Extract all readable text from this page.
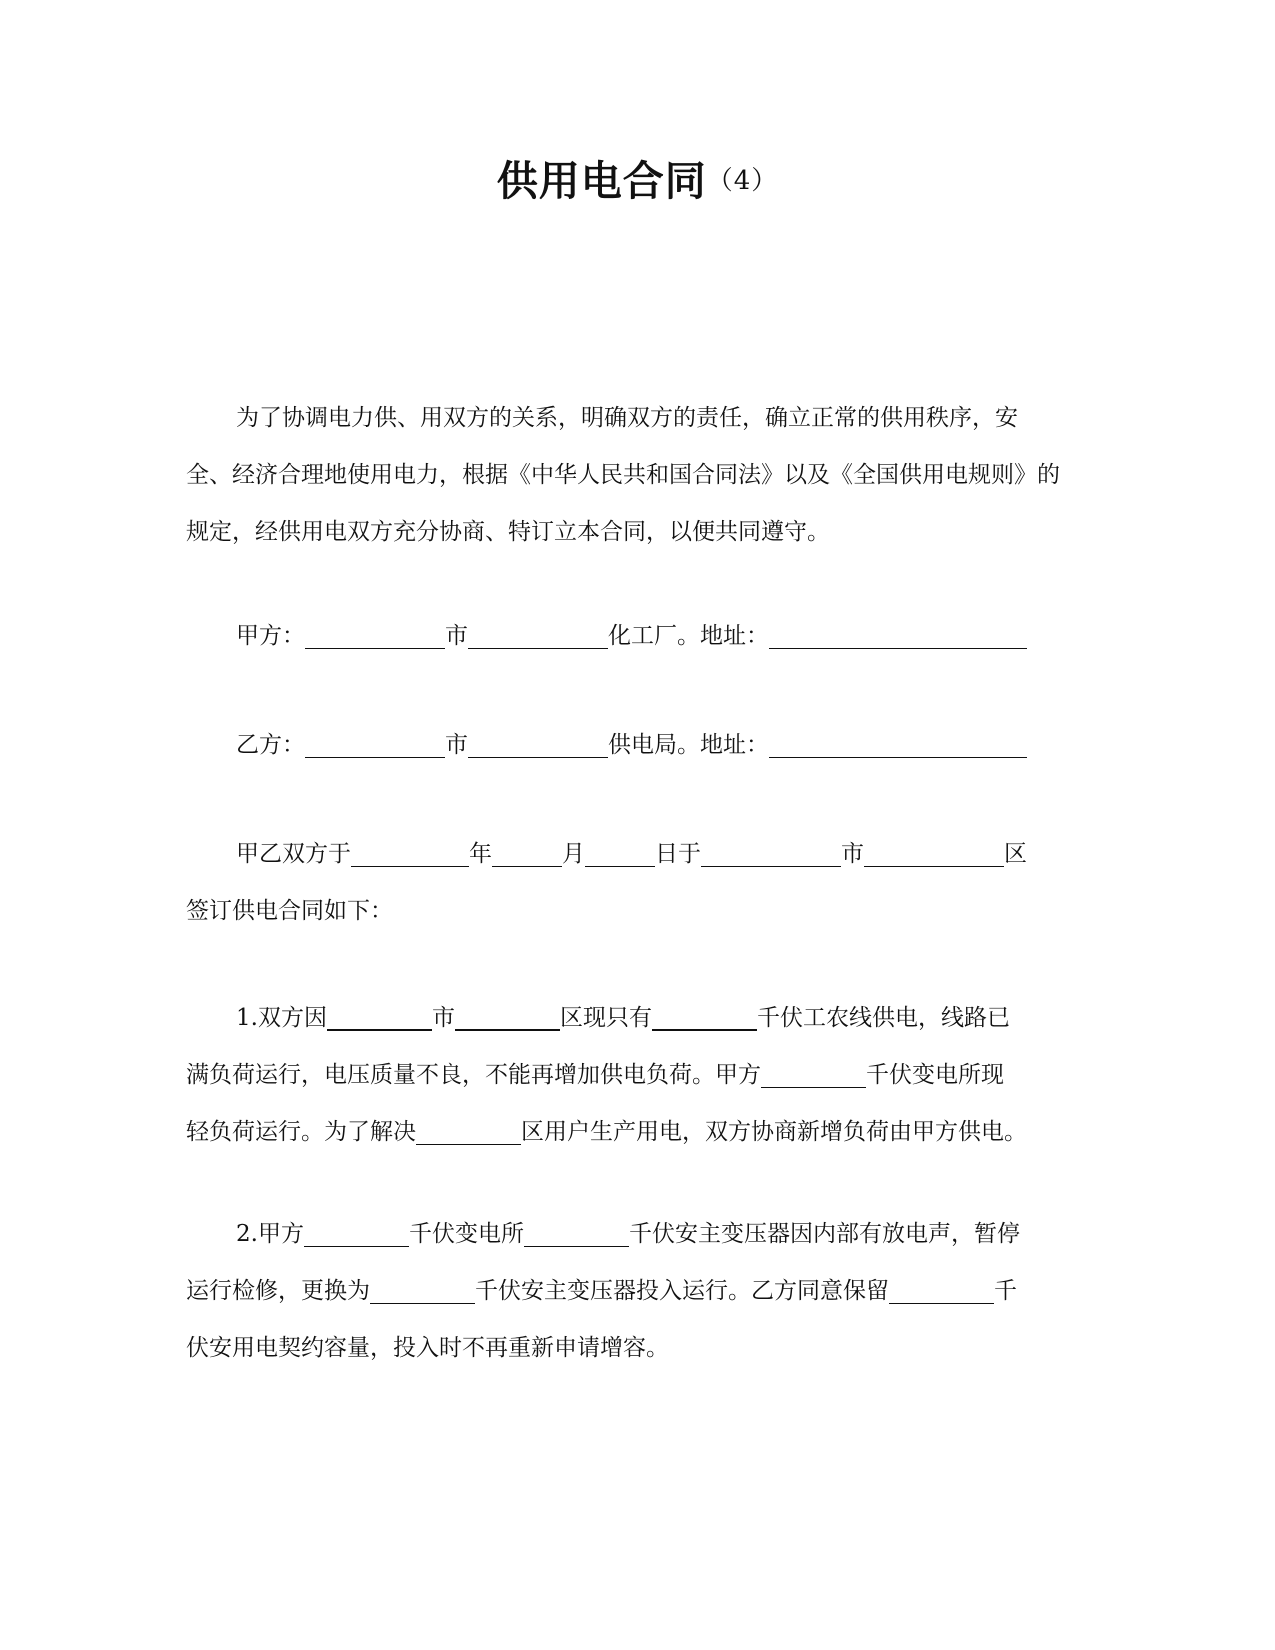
供用电合同（4）

为了协调电力供、用双方的关系，明确双方的责任，确立正常的供用秩序，安

全、经济合理地使用电力，根据《中华人民共和国合同法》以及《全国供用电规则》的

规定，经供用电双方充分协商、特订立本合同，以便共同遵守。

甲方：	市	化工厂。地址：

乙方：	市	供电局。地址：

甲乙双方于	年	月	日于	市	区

签订供电合同如下：

1.双方因	市	区现只有	千伏工农线供电，线路已

满负荷运行，电压质量不良，不能再增加供电负荷。甲方	千伏变电所现

轻负荷运行。为了解决	区用户生产用电，双方协商新增负荷由甲方供电。

2.甲方	千伏变电所	千伏安主变压器因内部有放电声，暂停

运行检修，更换为	千伏安主变压器投入运行。乙方同意保留	千

伏安用电契约容量，投入时不再重新申请增容。
